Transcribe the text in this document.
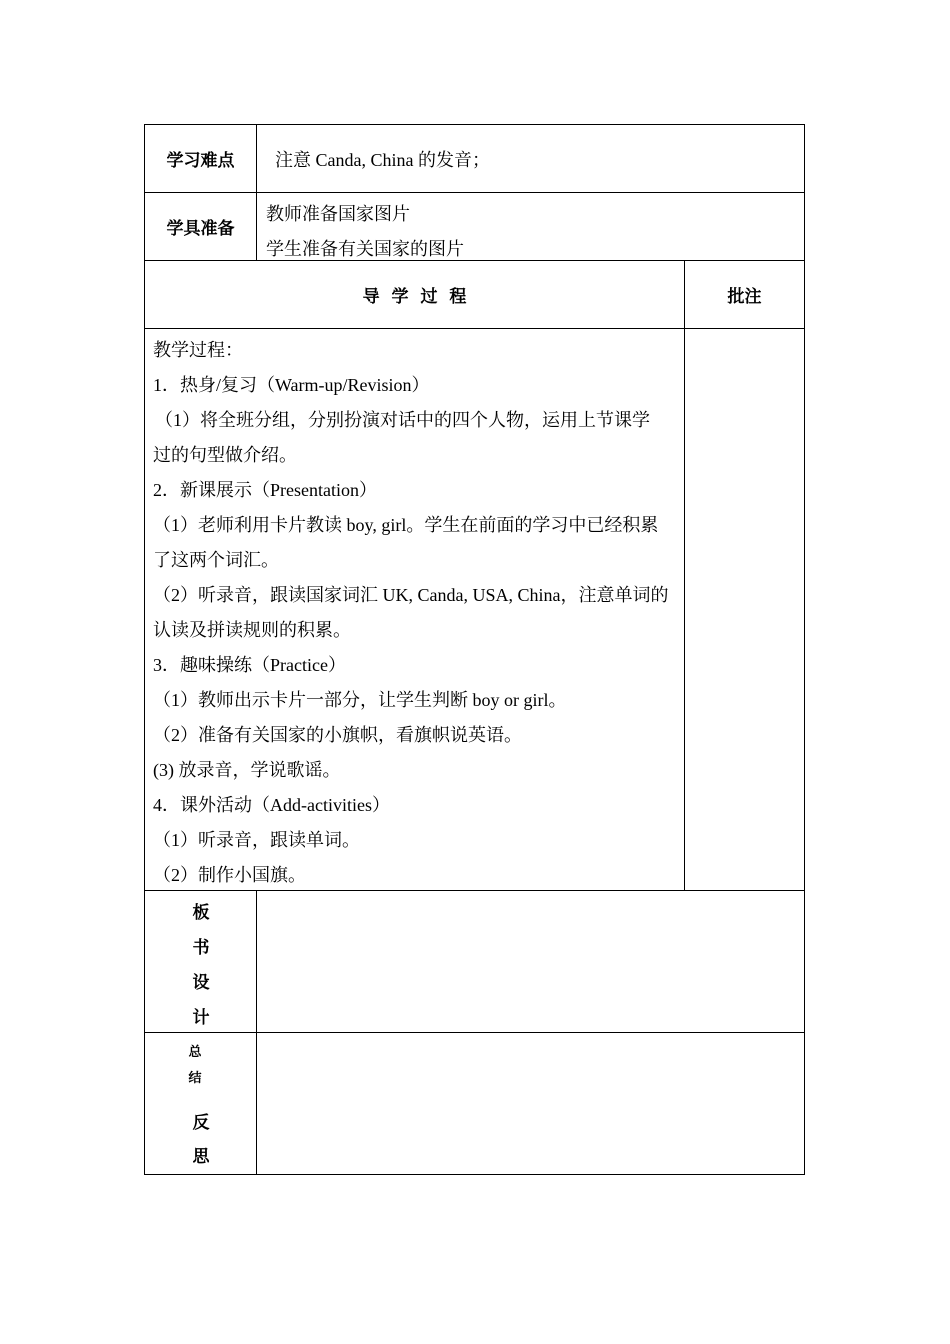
学习难点	注意 Canda, China 的发音；
学具准备
教师准备国家图片
学生准备有关国家的图片
导 学 过 程	批注
教学过程：
1．热身/复习（Warm-up/Revision）
（1）将全班分组，分别扮演对话中的四个人物，运用上节课学
过的句型做介绍。
2．新课展示（Presentation）
（1）老师利用卡片教读 boy, girl。学生在前面的学习中已经积累
了这两个词汇。
（2）听录音，跟读国家词汇 UK, Canda, USA, China，注意单词的
认读及拼读规则的积累。
3．趣味操练（Practice）
（1）教师出示卡片一部分，让学生判断 boy or girl。
（2）准备有关国家的小旗帜，看旗帜说英语。
(3) 放录音，学说歌谣。
4．课外活动（Add-activities）
（1）听录音，跟读单词。
（2）制作小国旗。
板
书
设
计
总
结
反
思
